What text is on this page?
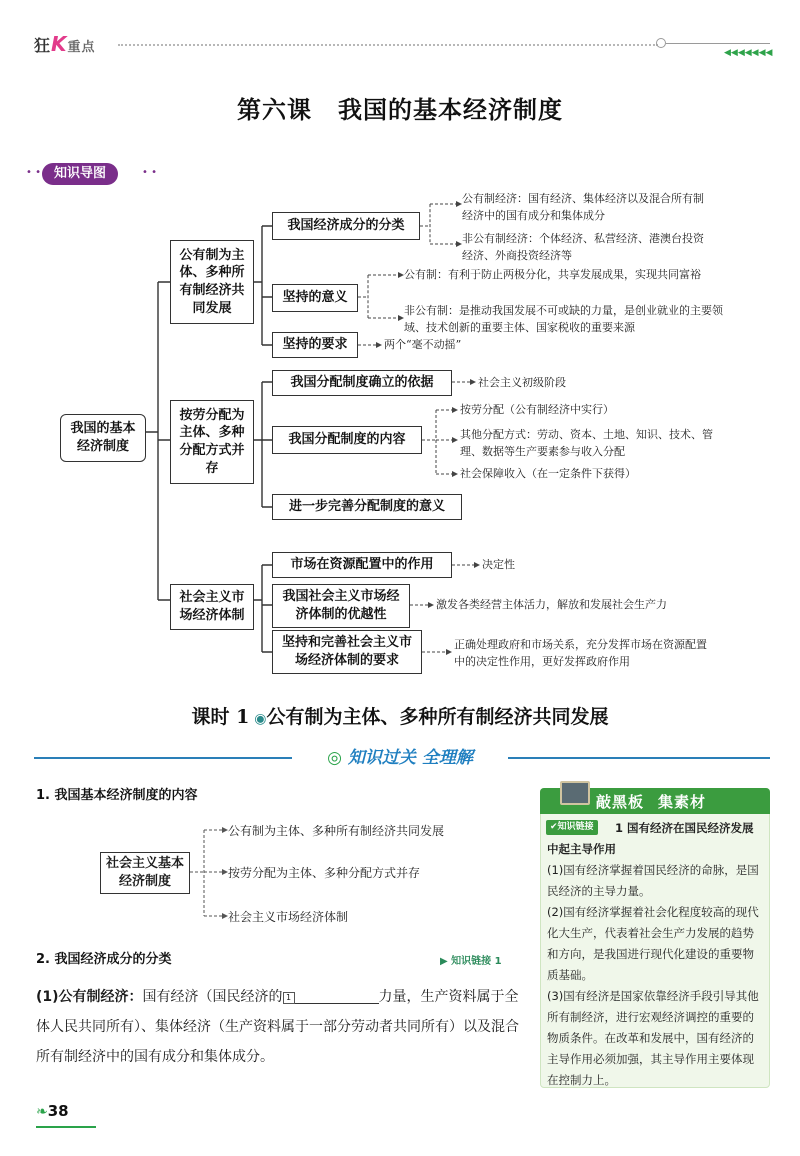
狂K重点	◀◀◀◀◀◀◀
第六课 我国的基本经济制度
• •	知识导图	• •
我国的基本经济制度
公有制为主体、多种所有制经济共同发展
我国经济成分的分类
公有制经济：国有经济、集体经济以及混合所有制经济中的国有成分和集体成分
非公有制经济：个体经济、私营经济、港澳台投资经济、外商投资经济等
坚持的意义
公有制：有利于防止两极分化，共享发展成果，实现共同富裕
非公有制：是推动我国发展不可或缺的力量，是创业就业的主要领域、技术创新的重要主体、国家税收的重要来源
坚持的要求	两个“毫不动摇”
按劳分配为主体、多种分配方式并存
我国分配制度确立的依据	社会主义初级阶段
我国分配制度的内容
按劳分配（公有制经济中实行）
其他分配方式：劳动、资本、土地、知识、技术、管理、数据等生产要素参与收入分配
社会保障收入（在一定条件下获得）
进一步完善分配制度的意义
社会主义市场经济体制
市场在资源配置中的作用	决定性
我国社会主义市场经济体制的优越性
激发各类经营主体活力，解放和发展社会生产力
坚持和完善社会主义市场经济体制的要求
正确处理政府和市场关系，充分发挥市场在资源配置中的决定性作用，更好发挥政府作用
课时 1 ◉公有制为主体、多种所有制经济共同发展
◎ 知识过关 全理解
1. 我国基本经济制度的内容
社会主义基本经济制度
公有制为主体、多种所有制经济共同发展
按劳分配为主体、多种分配方式并存
社会主义市场经济体制
2. 我国经济成分的分类	▶ 知识链接 1
(1)公有制经济：国有经济（国民经济的 1	力量，生产资料属于全体人民共同所有）、集体经济（生产资料属于一部分劳动者共同所有）以及混合所有制经济中的国有成分和集体成分。
敲黑板 集素材
✔知识链接	1 国有经济在国民经济发展中起主导作用
(1)国有经济掌握着国民经济的命脉，是国民经济的主导力量。
(2)国有经济掌握着社会化程度较高的现代化大生产，代表着社会生产力发展的趋势和方向，是我国进行现代化建设的重要物质基础。
(3)国有经济是国家依靠经济手段引导其他所有制经济，进行宏观经济调控的重要的物质条件。在改革和发展中，国有经济的主导作用必须加强，其主导作用主要体现在控制力上。
❧38
